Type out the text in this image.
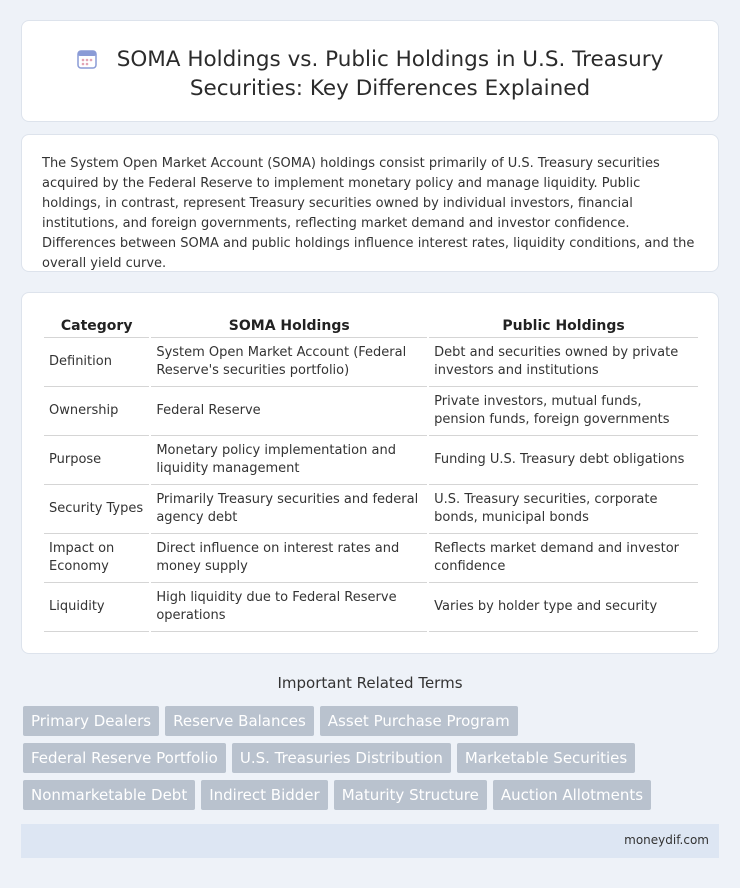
SOMA Holdings vs. Public Holdings in U.S. Treasury Securities: Key Differences Explained

The System Open Market Account (SOMA) holdings consist primarily of U.S. Treasury securities acquired by the Federal Reserve to implement monetary policy and manage liquidity. Public holdings, in contrast, represent Treasury securities owned by individual investors, financial institutions, and foreign governments, reflecting market demand and investor confidence. Differences between SOMA and public holdings influence interest rates, liquidity conditions, and the overall yield curve.

Category	SOMA Holdings	Public Holdings
Definition	System Open Market Account (Federal Reserve's securities portfolio)	Debt and securities owned by private investors and institutions
Ownership	Federal Reserve	Private investors, mutual funds, pension funds, foreign governments
Purpose	Monetary policy implementation and liquidity management	Funding U.S. Treasury debt obligations
Security Types	Primarily Treasury securities and federal agency debt	U.S. Treasury securities, corporate bonds, municipal bonds
Impact on Economy	Direct influence on interest rates and money supply	Reflects market demand and investor confidence
Liquidity	High liquidity due to Federal Reserve operations	Varies by holder type and security
Important Related Terms
Primary Dealers	Reserve Balances	Asset Purchase Program
Federal Reserve Portfolio	U.S. Treasuries Distribution	Marketable Securities
Nonmarketable Debt	Indirect Bidder	Maturity Structure	Auction Allotments
moneydif.com
